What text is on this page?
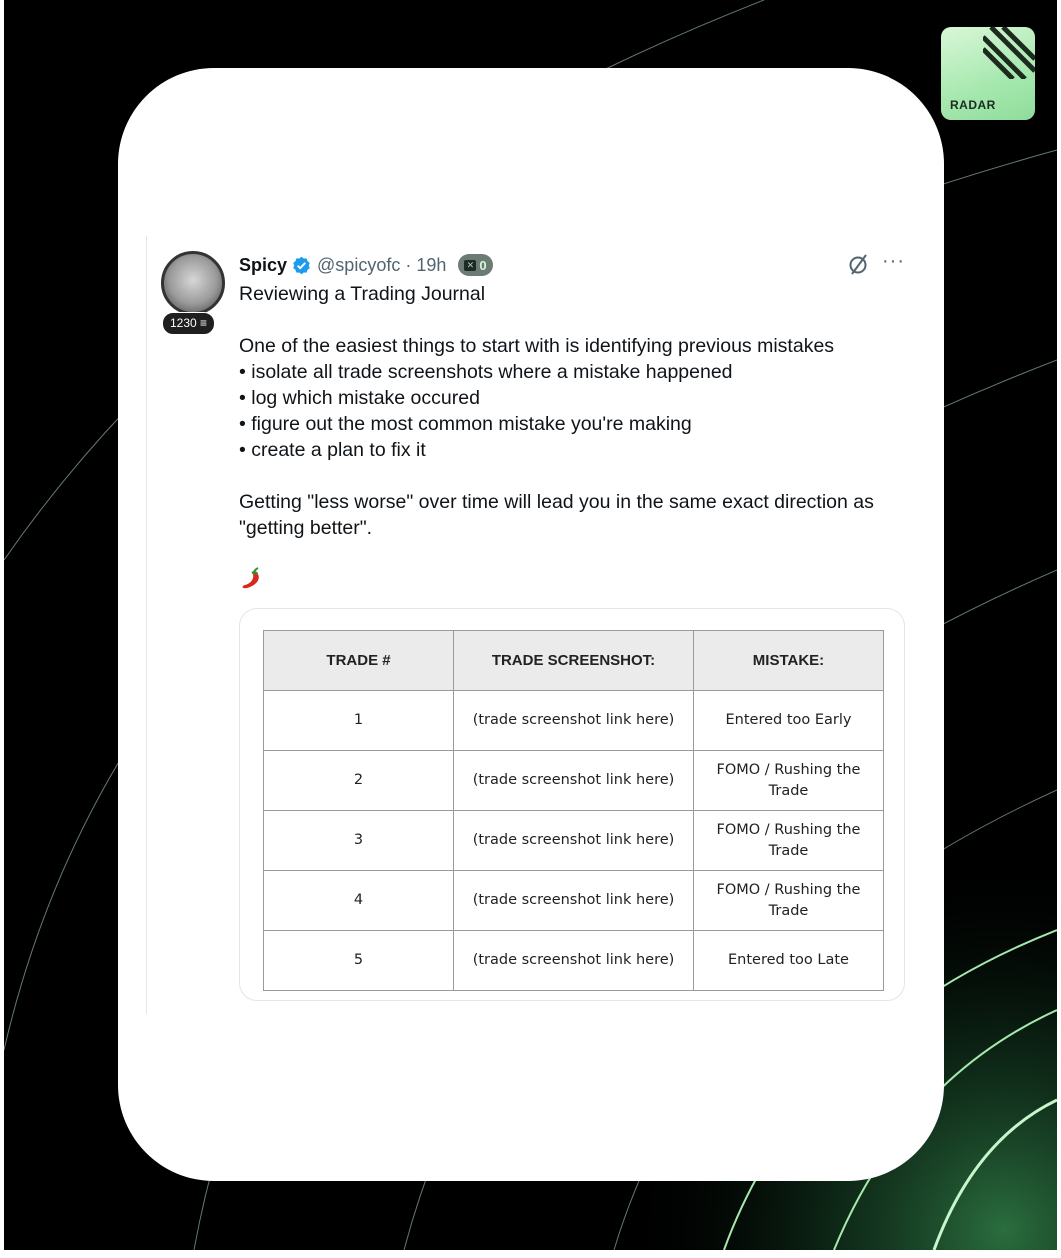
RADAR
1230 ≡
Spicy @spicyofc · 19h ✕ 0	···
Reviewing a Trading Journal

One of the easiest things to start with is identifying previous mistakes
• isolate all trade screenshots where a mistake happened
• log which mistake occured
• figure out the most common mistake you're making
• create a plan to fix it

Getting "less worse" over time will lead you in the same exact direction as "getting better".
TRADE #	TRADE SCREENSHOT:	MISTAKE:
1	(trade screenshot link here)	Entered too Early
2	(trade screenshot link here)	FOMO / Rushing the Trade
3	(trade screenshot link here)	FOMO / Rushing the Trade
4	(trade screenshot link here)	FOMO / Rushing the Trade
5	(trade screenshot link here)	Entered too Late
